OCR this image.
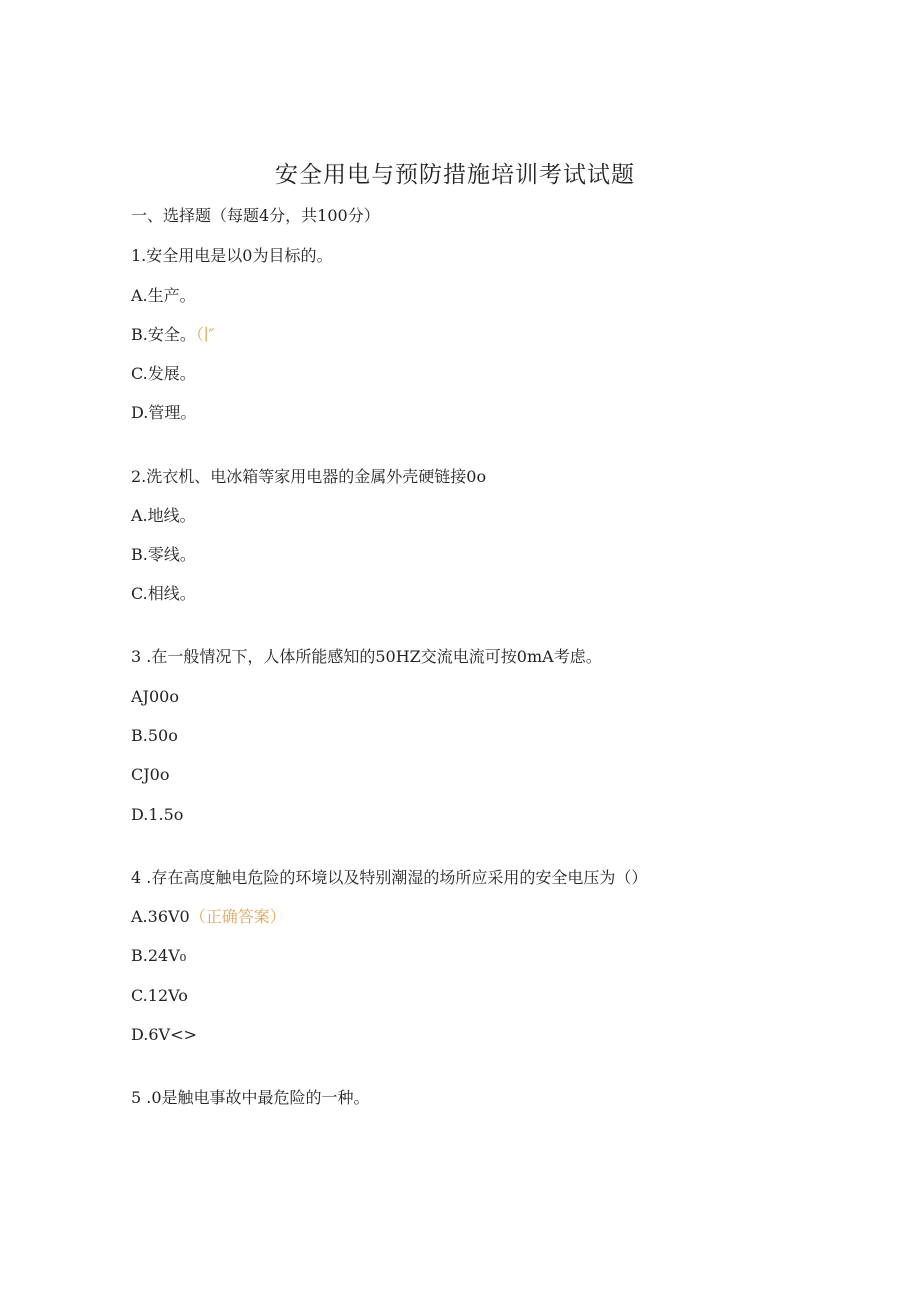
安全用电与预防措施培训考试试题
一、选择题（每题4分，共100分）
1.安全用电是以0为目标的。
A.生产。
B.安全。（∣″
C.发展。
D.管理。
2.洗衣机、电冰箱等家用电器的金属外壳硬链接0o
A.地线。
B.零线。
C.相线。
3 .在一般情况下，人体所能感知的50HZ交流电流可按0mA考虑。
AJ00o
B.50o
CJ0o
D.1.5o
4 .存在高度触电危险的环境以及特别潮湿的场所应采用的安全电压为（）
A.36V0（正确答案）
B.24V₀
C.12Vo
D.6V<>
5 .0是触电事故中最危险的一种。
